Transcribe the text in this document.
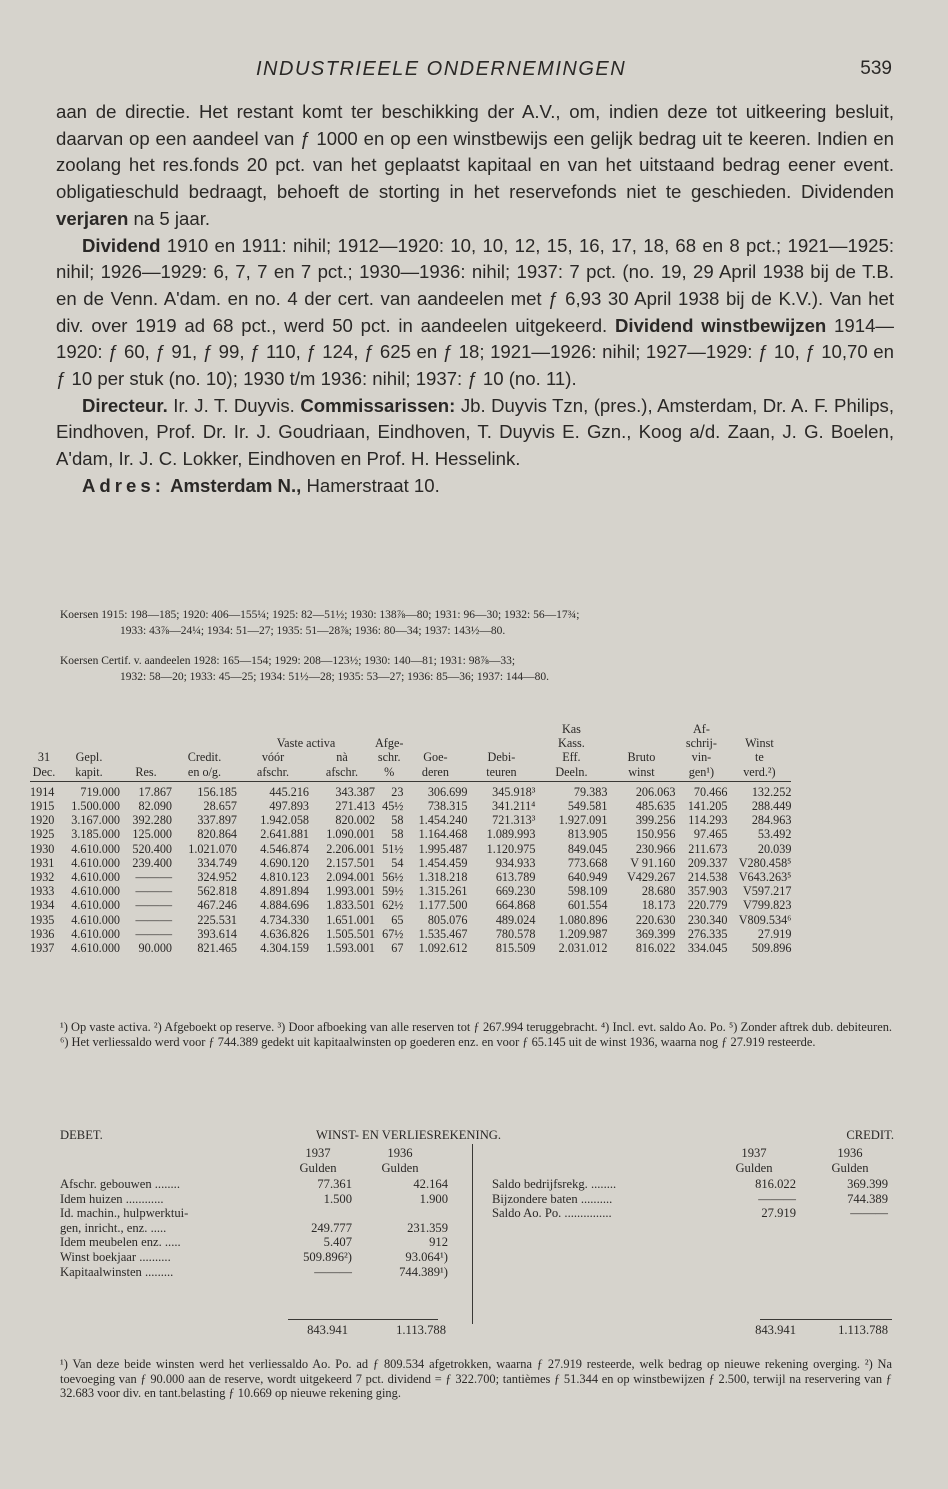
INDUSTRIEELE ONDERNEMINGEN	539

aan de directie. Het restant komt ter beschikking der A.V., om, indien deze tot uitkeering besluit, daarvan op een aandeel van ƒ 1000 en op een winstbewijs een gelijk bedrag uit te keeren. Indien en zoolang het res.fonds 20 pct. van het geplaatst kapitaal en van het uitstaand bedrag eener event. obligatieschuld bedraagt, behoeft de storting in het reservefonds niet te geschieden. Dividenden verjaren na 5 jaar.

Dividend 1910 en 1911: nihil; 1912—1920: 10, 10, 12, 15, 16, 17, 18, 68 en 8 pct.; 1921—1925: nihil; 1926—1929: 6, 7, 7 en 7 pct.; 1930—1936: nihil; 1937: 7 pct. (no. 19, 29 April 1938 bij de T.B. en de Venn. A'dam. en no. 4 der cert. van aandeelen met ƒ 6,93 30 April 1938 bij de K.V.). Van het div. over 1919 ad 68 pct., werd 50 pct. in aandeelen uitgekeerd. Dividend winstbewijzen 1914—1920: ƒ 60, ƒ 91, ƒ 99, ƒ 110, ƒ 124, ƒ 625 en ƒ 18; 1921—1926: nihil; 1927—1929: ƒ 10, ƒ 10,70 en ƒ 10 per stuk (no. 10); 1930 t/m 1936: nihil; 1937: ƒ 10 (no. 11).

Directeur. Ir. J. T. Duyvis. Commissarissen: Jb. Duyvis Tzn, (pres.), Amsterdam, Dr. A. F. Philips, Eindhoven, Prof. Dr. Ir. J. Goudriaan, Eindhoven, T. Duyvis E. Gzn., Koog a/d. Zaan, J. G. Boelen, A'dam, Ir. J. C. Lokker, Eindhoven en Prof. H. Hesselink.

Adres: Amsterdam N., Hamerstraat 10.

Koersen 1915: 198—185; 1920: 406—155¼; 1925: 82—51½; 1930: 138⅞—80; 1931: 96—30; 1932: 56—17¾;
1933: 43⅞—24¼; 1934: 51—27; 1935: 51—28⅞; 1936: 80—34; 1937: 143½—80.
Koersen Certif. v. aandeelen 1928: 165—154; 1929: 208—123½; 1930: 140—81; 1931: 98⅞—33;
1932: 58—20; 1933: 45—25; 1934: 51½—28; 1935: 53—27; 1936: 85—36; 1937: 144—80.
									Kas		Af-	
				Vaste activa		Afge-			Kass.		schrij-	Winst
31	Gepl.		Credit.	vóór	nà	schr.	Goe-	Debi-	Eff.	Bruto	vin-	te
Dec.	kapit.	Res.	en o/g.	afschr.	afschr.	%	deren	teuren	Deeln.	winst	gen¹)	verd.²)
1914	719.000	17.867	156.185	445.216	343.387	23	306.699	345.918³	79.383	206.063	70.466	132.252
1915	1.500.000	82.090	28.657	497.893	271.413	45½	738.315	341.211⁴	549.581	485.635	141.205	288.449
1920	3.167.000	392.280	337.897	1.942.058	820.002	58	1.454.240	721.313³	1.927.091	399.256	114.293	284.963
1925	3.185.000	125.000	820.864	2.641.881	1.090.001	58	1.164.468	1.089.993	813.905	150.956	97.465	53.492
1930	4.610.000	520.400	1.021.070	4.546.874	2.206.001	51½	1.995.487	1.120.975	849.045	230.966	211.673	20.039
1931	4.610.000	239.400	334.749	4.690.120	2.157.501	54	1.454.459	934.933	773.668	V 91.160	209.337	V280.458⁵
1932	4.610.000	———	324.952	4.810.123	2.094.001	56½	1.318.218	613.789	640.949	V429.267	214.538	V643.263⁵
1933	4.610.000	———	562.818	4.891.894	1.993.001	59½	1.315.261	669.230	598.109	28.680	357.903	V597.217
1934	4.610.000	———	467.246	4.884.696	1.833.501	62½	1.177.500	664.868	601.554	18.173	220.779	V799.823
1935	4.610.000	———	225.531	4.734.330	1.651.001	65	805.076	489.024	1.080.896	220.630	230.340	V809.534⁶
1936	4.610.000	———	393.614	4.636.826	1.505.501	67½	1.535.467	780.578	1.209.987	369.399	276.335	27.919
1937	4.610.000	90.000	821.465	4.304.159	1.593.001	67	1.092.612	815.509	2.031.012	816.022	334.045	509.896
¹) Op vaste activa. ²) Afgeboekt op reserve. ³) Door afboeking van alle reserven tot ƒ 267.994 teruggebracht. ⁴) Incl. evt. saldo Ao. Po. ⁵) Zonder aftrek dub. debiteuren. ⁶) Het verliessaldo werd voor ƒ 744.389 gedekt uit kapitaalwinsten op goederen enz. en voor ƒ 65.145 uit de winst 1936, waarna nog ƒ 27.919 resteerde.
DEBET.	WINST- EN VERLIESREKENING.	CREDIT.
1937	1936
Gulden	Gulden
1937	1936
Gulden	Gulden
Afschr. gebouwen ........	77.361	42.164
Idem huizen ............	1.500	1.900
Id. machin., hulpwerktui-
gen, inricht., enz. .....	249.777	231.359
Idem meubelen enz. .....	5.407	912
Winst boekjaar ..........	509.896²)	93.064¹)
Kapitaalwinsten .........	———	744.389¹)
Saldo bedrijfsrekg. ........	816.022	369.399
Bijzondere baten ..........	———	744.389
Saldo Ao. Po. ...............	27.919	———
843.941	1.113.788	843.941	1.113.788
¹) Van deze beide winsten werd het verliessaldo Ao. Po. ad ƒ 809.534 afgetrokken, waarna ƒ 27.919 resteerde, welk bedrag op nieuwe rekening overging. ²) Na toevoeging van ƒ 90.000 aan de reserve, wordt uitgekeerd 7 pct. dividend = ƒ 322.700; tantièmes ƒ 51.344 en op winstbewijzen ƒ 2.500, terwijl na reservering van ƒ 32.683 voor div. en tant.belasting ƒ 10.669 op nieuwe rekening ging.
